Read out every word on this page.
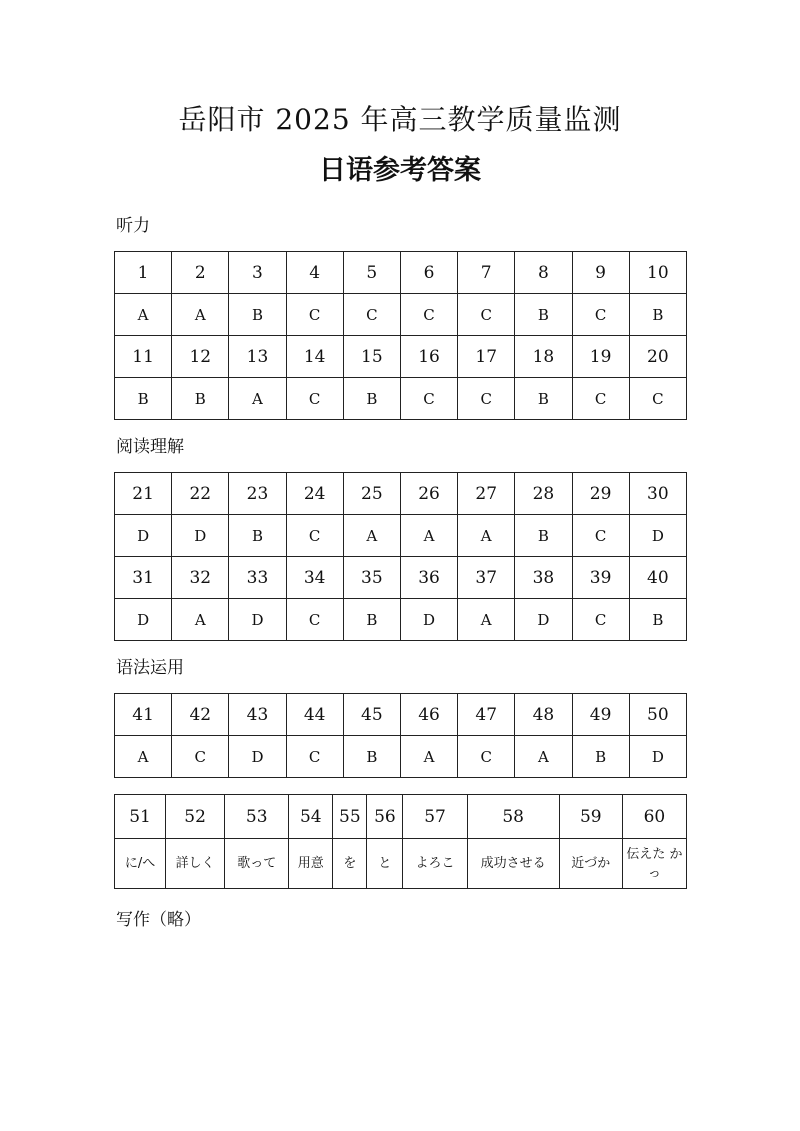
岳阳市 2025 年高三教学质量监测
日语参考答案
听力
1	2	3	4	5	6	7	8	9	10
A	A	B	C	C	C	C	B	C	B
11	12	13	14	15	16	17	18	19	20
B	B	A	C	B	C	C	B	C	C
阅读理解
21	22	23	24	25	26	27	28	29	30
D	D	B	C	A	A	A	B	C	D
31	32	33	34	35	36	37	38	39	40
D	A	D	C	B	D	A	D	C	B
语法运用
41	42	43	44	45	46	47	48	49	50
A	C	D	C	B	A	C	A	B	D
51	52	53	54	55	56	57	58	59	60
に/へ	詳しく	歌って	用意	を	と	よろこ	成功させる	近づか	伝えた かっ
写作（略）
